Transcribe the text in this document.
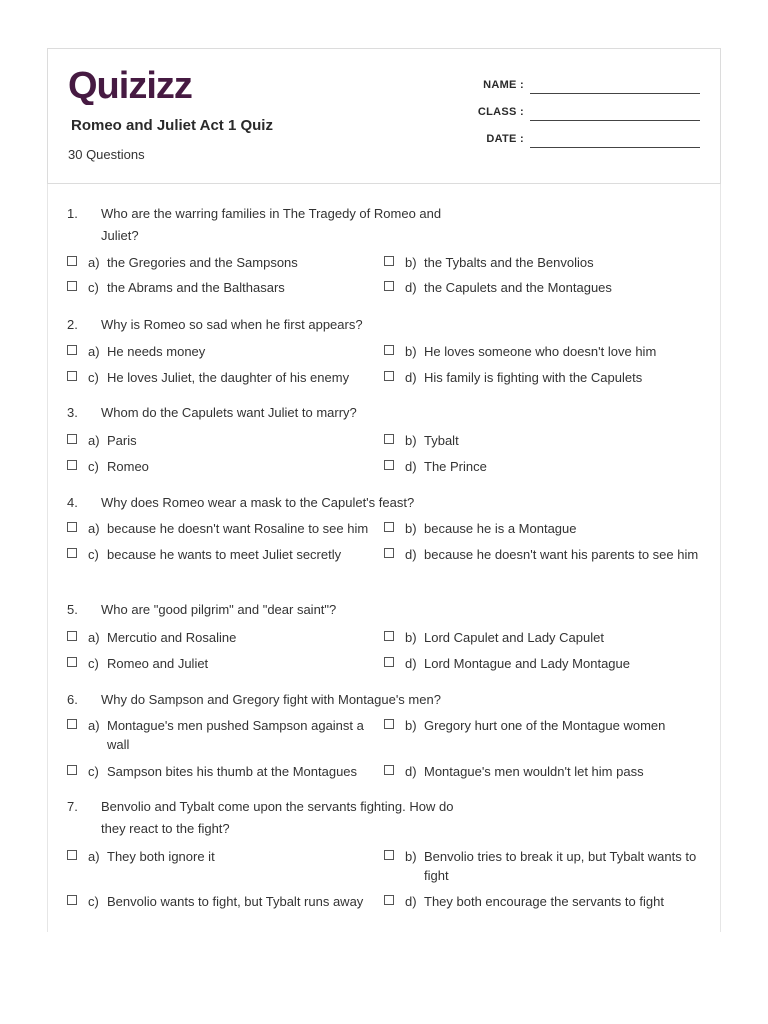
Quizizz
Romeo and Juliet Act 1 Quiz
30 Questions
NAME :
CLASS :
DATE :
1. Who are the warring families in The Tragedy of Romeo and Juliet?
a) the Gregories and the Sampsons	b) the Tybalts and the Benvolios
c) the Abrams and the Balthasars	d) the Capulets and the Montagues
2. Why is Romeo so sad when he first appears?
a) He needs money	b) He loves someone who doesn't love him
c) He loves Juliet, the daughter of his enemy	d) His family is fighting with the Capulets
3. Whom do the Capulets want Juliet to marry?
a) Paris	b) Tybalt
c) Romeo	d) The Prince
4. Why does Romeo wear a mask to the Capulet's feast?
a) because he doesn't want Rosaline to see him	b) because he is a Montague
c) because he wants to meet Juliet secretly	d) because he doesn't want his parents to see him
5. Who are "good pilgrim" and "dear saint"?
a) Mercutio and Rosaline	b) Lord Capulet and Lady Capulet
c) Romeo and Juliet	d) Lord Montague and Lady Montague
6. Why do Sampson and Gregory fight with Montague's men?
a) Montague's men pushed Sampson against a wall
b) Gregory hurt one of the Montague women
c) Sampson bites his thumb at the Montagues	d) Montague's men wouldn't let him pass
7. Benvolio and Tybalt come upon the servants fighting. How do they react to the fight?
a) They both ignore it	b) Benvolio tries to break it up, but Tybalt wants to fight
c) Benvolio wants to fight, but Tybalt runs away	d) They both encourage the servants to fight
